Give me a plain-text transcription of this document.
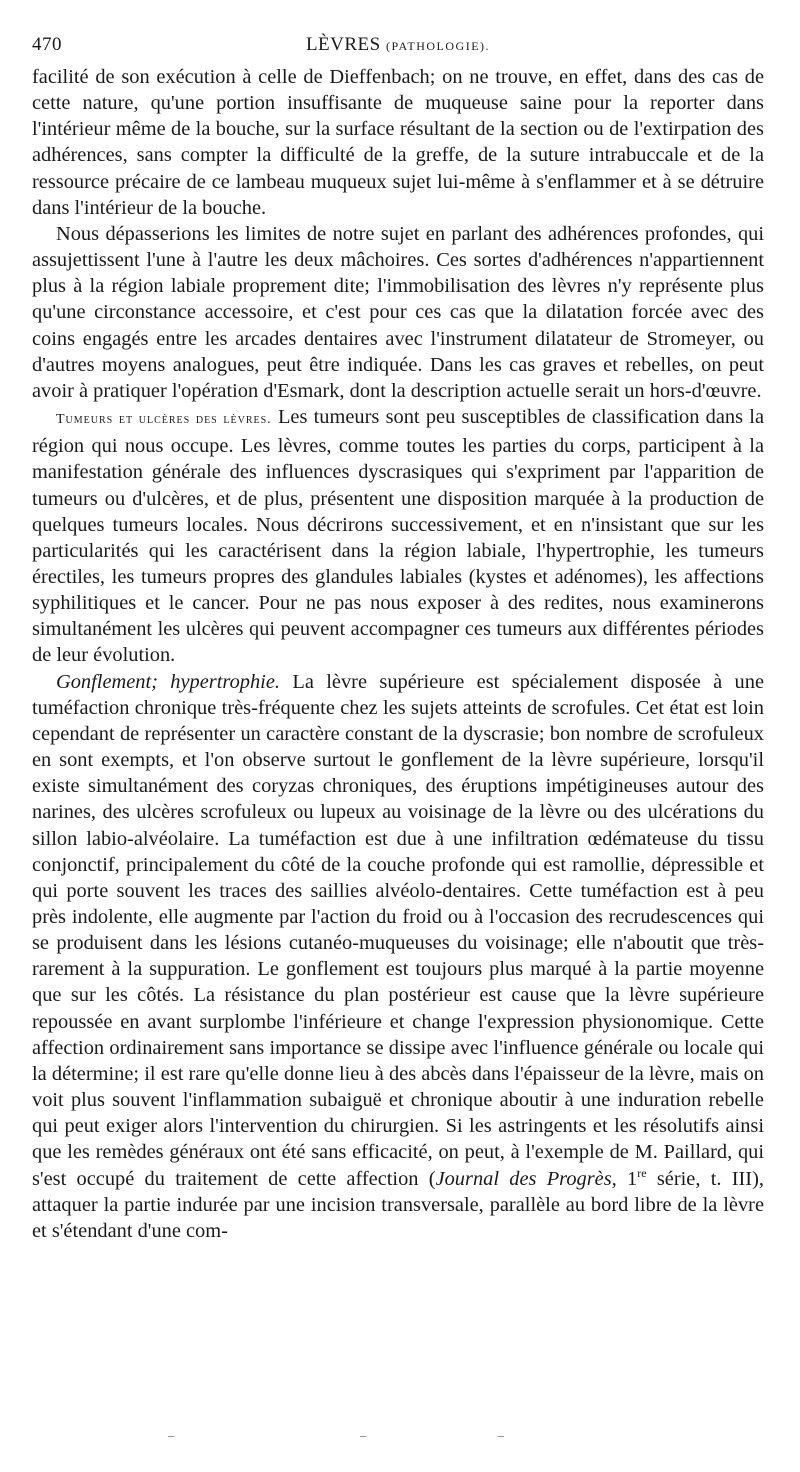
470	LÈVRES (PATHOLOGIE).

facilité de son exécution à celle de Dieffenbach; on ne trouve, en effet, dans des cas de cette nature, qu'une portion insuffisante de muqueuse saine pour la reporter dans l'intérieur même de la bouche, sur la surface résultant de la section ou de l'extirpation des adhérences, sans compter la difficulté de la greffe, de la suture intrabuccale et de la ressource précaire de ce lambeau muqueux sujet lui-même à s'enflammer et à se détruire dans l'intérieur de la bouche.

Nous dépasserions les limites de notre sujet en parlant des adhérences profondes, qui assujettissent l'une à l'autre les deux mâchoires. Ces sortes d'adhérences n'appartiennent plus à la région labiale proprement dite; l'immobilisation des lèvres n'y représente plus qu'une circonstance accessoire, et c'est pour ces cas que la dilatation forcée avec des coins engagés entre les arcades dentaires avec l'instrument dilatateur de Stromeyer, ou d'autres moyens analogues, peut être indiquée. Dans les cas graves et rebelles, on peut avoir à pratiquer l'opération d'Esmark, dont la description actuelle serait un hors-d'œuvre.

Tumeurs et ulcères des lèvres. Les tumeurs sont peu susceptibles de classification dans la région qui nous occupe. Les lèvres, comme toutes les parties du corps, participent à la manifestation générale des influences dyscrasiques qui s'expriment par l'apparition de tumeurs ou d'ulcères, et de plus, présentent une disposition marquée à la production de quelques tumeurs locales. Nous décrirons successivement, et en n'insistant que sur les particularités qui les caractérisent dans la région labiale, l'hypertrophie, les tumeurs érectiles, les tumeurs propres des glandules labiales (kystes et adénomes), les affections syphilitiques et le cancer. Pour ne pas nous exposer à des redites, nous examinerons simultanément les ulcères qui peuvent accompagner ces tumeurs aux différentes périodes de leur évolution.

Gonflement; hypertrophie. La lèvre supérieure est spécialement disposée à une tuméfaction chronique très-fréquente chez les sujets atteints de scrofules. Cet état est loin cependant de représenter un caractère constant de la dyscrasie; bon nombre de scrofuleux en sont exempts, et l'on observe surtout le gonflement de la lèvre supérieure, lorsqu'il existe simultanément des coryzas chroniques, des éruptions impétigineuses autour des narines, des ulcères scrofuleux ou lupeux au voisinage de la lèvre ou des ulcérations du sillon labio-alvéolaire. La tuméfaction est due à une infiltration œdémateuse du tissu conjonctif, principalement du côté de la couche profonde qui est ramollie, dépressible et qui porte souvent les traces des saillies alvéolo-dentaires. Cette tuméfaction est à peu près indolente, elle augmente par l'action du froid ou à l'occasion des recrudescences qui se produisent dans les lésions cutanéo-muqueuses du voisinage; elle n'aboutit que très-rarement à la suppuration. Le gonflement est toujours plus marqué à la partie moyenne que sur les côtés. La résistance du plan postérieur est cause que la lèvre supérieure repoussée en avant surplombe l'inférieure et change l'expression physionomique. Cette affection ordinairement sans importance se dissipe avec l'influence générale ou locale qui la détermine; il est rare qu'elle donne lieu à des abcès dans l'épaisseur de la lèvre, mais on voit plus souvent l'inflammation subaiguë et chronique aboutir à une induration rebelle qui peut exiger alors l'intervention du chirurgien. Si les astringents et les résolutifs ainsi que les remèdes généraux ont été sans efficacité, on peut, à l'exemple de M. Paillard, qui s'est occupé du traitement de cette affection (Journal des Progrès, 1re série, t. III), attaquer la partie indurée par une incision transversale, parallèle au bord libre de la lèvre et s'étendant d'une com-
